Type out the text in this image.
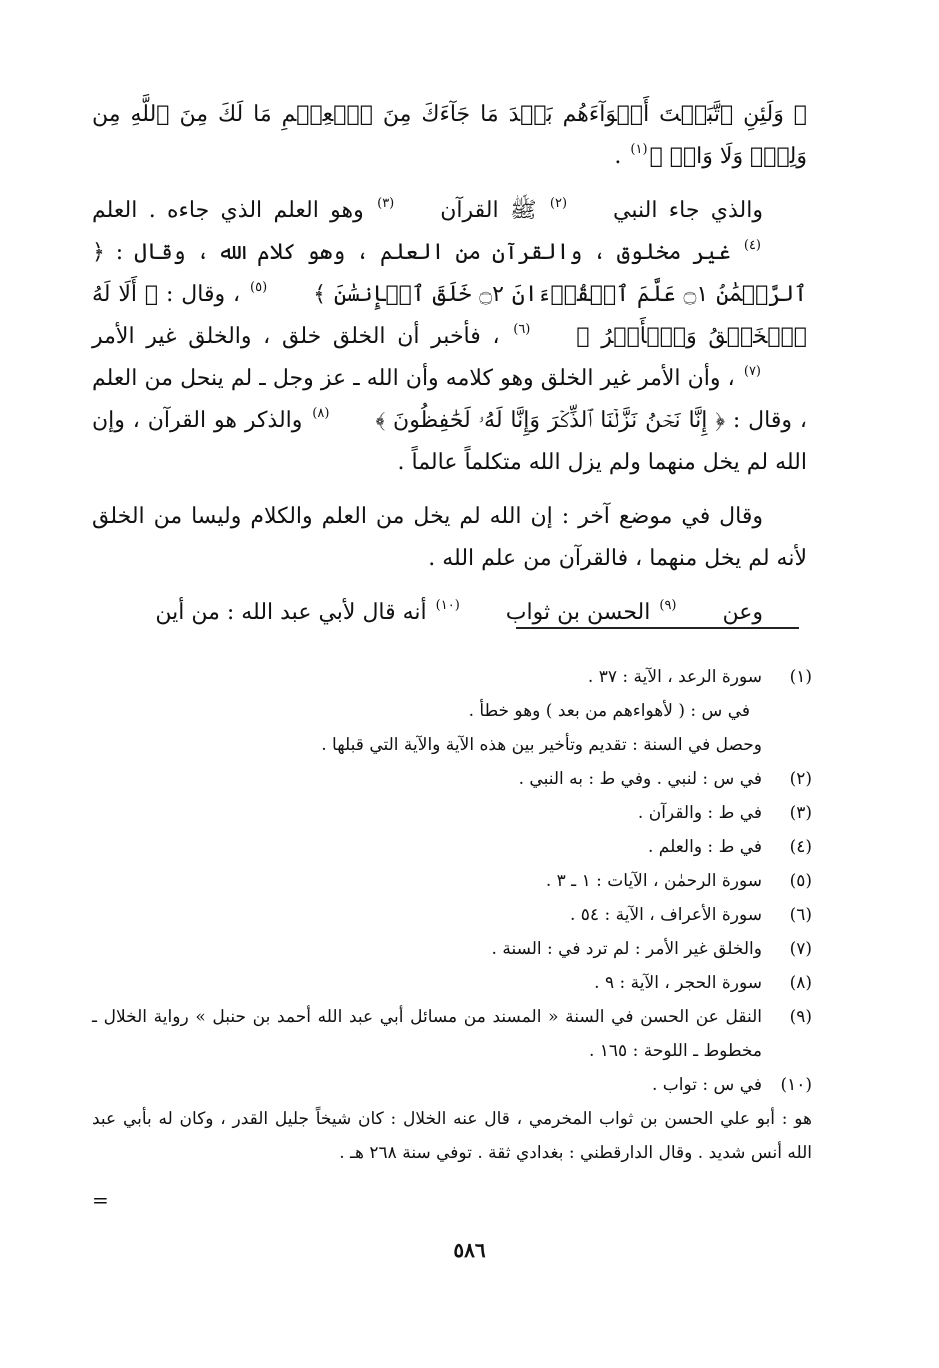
﴿ وَلَئِنِ ٱتَّبَعۡتَ أَهۡوَآءَهُم بَعۡدَ مَا جَآءَكَ مِنَ ٱلۡعِلۡمِ مَا لَكَ مِنَ ٱللَّهِ مِن وَلِيّٖ وَلَا وَاقٖ ﴾(١) .

والذي جاء النبي(٢) ﷺ القرآن(٣) وهو العلم الذي جاءه . العلم(٤) غير مخلوق ، والقرآن من العلم ، وهو كلام الله ، وقال : ﴿ ٱلرَّحۡمَٰنُ ۝١ عَلَّمَ ٱلۡقُرۡءَانَ ۝٢ خَلَقَ ٱلۡإِنسَٰنَ ﴾(٥) ، وقال : ﴿ أَلَا لَهُ ٱلۡخَلۡقُ وَٱلۡأَمۡرُ ﴾(٦) ، فأخبر أن الخلق خلق ، والخلق غير الأمر(٧) ، وأن الأمر غير الخلق وهو كلامه وأن الله ـ عز وجل ـ لم ينحل من العلم ، وقال : ﴿ إِنَّا نَحۡنُ نَزَّلۡنَا ٱلذِّكۡرَ وَإِنَّا لَهُۥ لَحَٰفِظُونَ ﴾(٨) والذكر هو القرآن ، وإن الله لم يخل منهما ولم يزل الله متكلماً عالماً .

وقال في موضع آخر : إن الله لم يخل من العلم والكلام وليسا من الخلق لأنه لم يخل منهما ، فالقرآن من علم الله .

وعن(٩) الحسن بن ثواب(١٠) أنه قال لأبي عبد الله : من أين

(١)
سورة الرعد ، الآية : ٣٧ .
في س : ( لأهواءهم من بعد ) وهو خطأ .
وحصل في السنة : تقديم وتأخير بين هذه الآية والآية التي قبلها .
(٢)
في س : لنبي . وفي ط : به النبي .
(٣)
في ط : والقرآن .
(٤)
في ط : والعلم .
(٥)
سورة الرحمٰن ، الآيات : ١ ـ ٣ .
(٦)
سورة الأعراف ، الآية : ٥٤ .
(٧)
والخلق غير الأمر : لم ترد في : السنة .
(٨)
سورة الحجر ، الآية : ٩ .
(٩)
النقل عن الحسن في السنة « المسند من مسائل أبي عبد الله أحمد بن حنبل » رواية الخلال ـ مخطوط ـ اللوحة : ١٦٥ .
(١٠)
في س : تواب .
هو : أبو علي الحسن بن ثواب المخرمي ، قال عنه الخلال : كان شيخاً جليل القدر ، وكان له بأبي عبد الله أنس شديد . وقال الدارقطني : بغدادي ثقة . توفي سنة ٢٦٨ هـ .
=
٥٨٦
